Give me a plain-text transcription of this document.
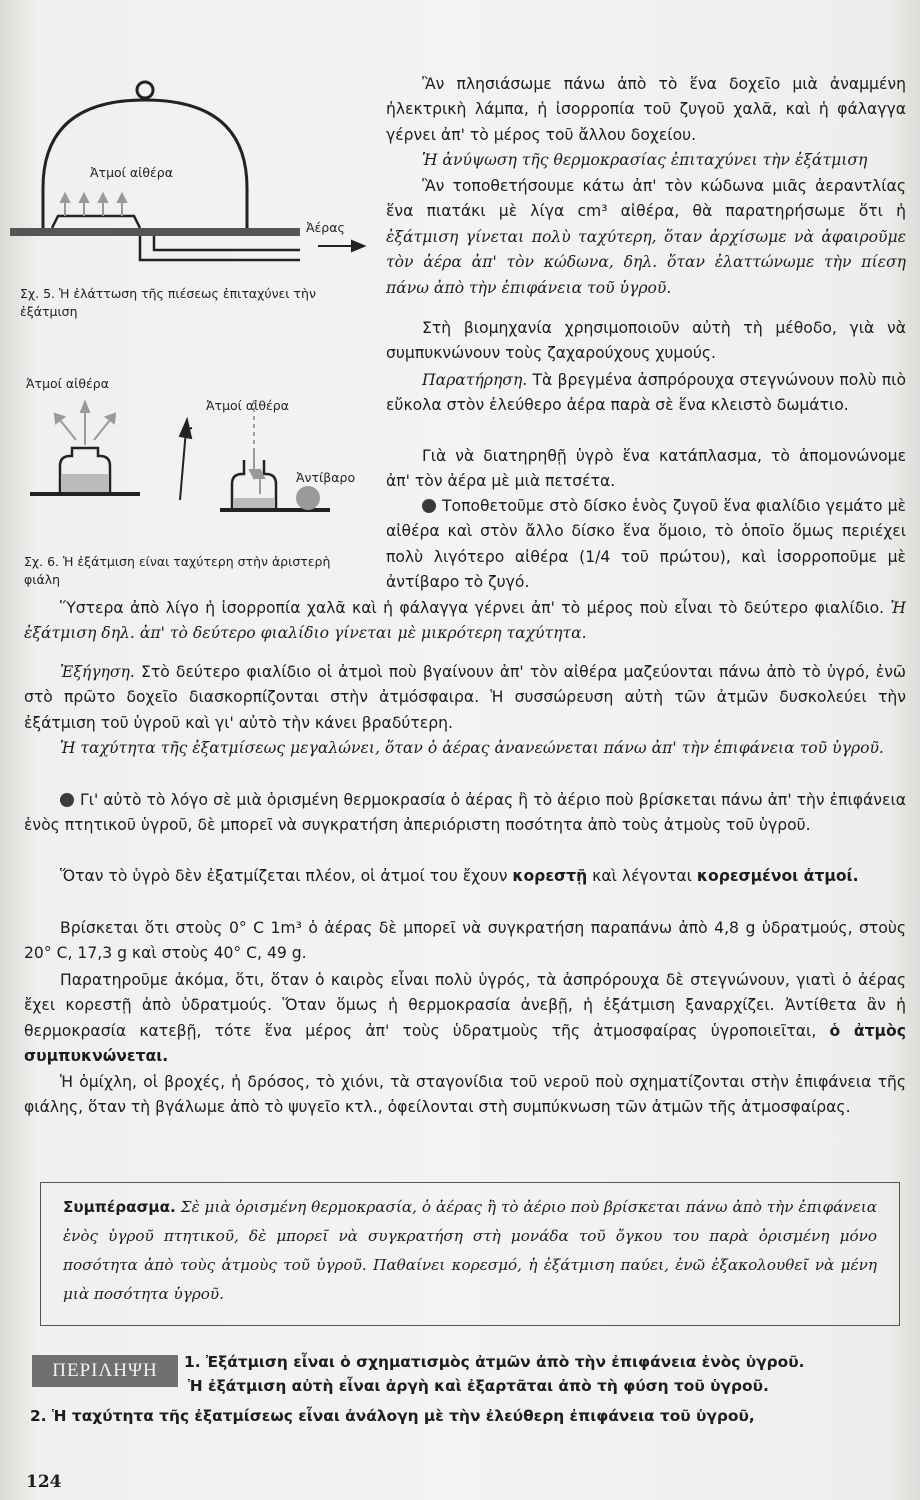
Ἀτμοί αἰθέρα
Ἀέρας
Σχ. 5. Ἡ ἐλάττωση τῆς πιέσεως ἐπιταχύνει τὴν ἐξάτμιση
Ἀτμοί αἰθέρα
Ἀτμοί αἰθέρα
Ἀντίβαρο
Σχ. 6. Ἡ ἐξάτμιση είναι ταχύτερη στὴν ἀριστερὴ φιάλη

Ἂν πλησιάσωμε πάνω ἀπὸ τὸ ἕνα δοχεῖο μιὰ ἀναμμένη ἠλεκτρικὴ λάμπα, ἡ ἰσορροπία τοῦ ζυγοῦ χαλᾶ, καὶ ἡ φάλαγγα γέρνει ἀπ' τὸ μέρος τοῦ ἄλλου δοχείου.

Ἡ ἀνύψωση τῆς θερμοκρασίας ἐπιταχύνει τὴν ἐξάτμιση

Ἂν τοποθετήσουμε κάτω ἀπ' τὸν κώδωνα μιᾶς ἀεραντλίας ἕνα πιατάκι μὲ λίγα cm³ αἰθέρα, θὰ παρατηρήσωμε ὅτι ἡ ἐξάτμιση γίνεται πολὺ ταχύτερη, ὅταν ἀρχίσωμε νὰ ἀφαιροῦμε τὸν ἀέρα ἀπ' τὸν κώδωνα, δηλ. ὅταν ἐλαττώνωμε τὴν πίεση πάνω ἀπὸ τὴν ἐπιφάνεια τοῦ ὑγροῦ.

Στὴ βιομηχανία χρησιμοποιοῦν αὐτὴ τὴ μέθοδο, γιὰ νὰ συμπυκνώνουν τοὺς ζαχαρούχους χυμούς.

Παρατήρηση. Τὰ βρεγμένα ἀσπρόρουχα στεγνώνουν πολὺ πιὸ εὔκολα στὸν ἐλεύθερο ἀέρα παρὰ σὲ ἕνα κλειστὸ δωμάτιο.

Γιὰ νὰ διατηρηθῇ ὑγρὸ ἕνα κατάπλασμα, τὸ ἀπομονώνομε ἀπ' τὸν ἀέρα μὲ μιὰ πετσέτα.

Τοποθετοῦμε στὸ δίσκο ἑνὸς ζυγοῦ ἕνα φιαλίδιο γεμάτο μὲ αἰθέρα καὶ στὸν ἄλλο δίσκο ἕνα ὅμοιο, τὸ ὁποῖο ὅμως περιέχει πολὺ λιγότερο αἰθέρα (1/4 τοῦ πρώτου), καὶ ἰσορροποῦμε μὲ ἀντίβαρο τὸ ζυγό.

Ὕστερα ἀπὸ λίγο ἡ ἰσορροπία χαλᾶ καὶ ἡ φάλαγγα γέρνει ἀπ' τὸ μέρος ποὺ εἶναι τὸ δεύτερο φιαλίδιο. Ἡ ἐξάτμιση δηλ. ἀπ' τὸ δεύτερο φιαλίδιο γίνεται μὲ μικρότερη ταχύτητα.

Ἐξήγηση. Στὸ δεύτερο φιαλίδιο οἱ ἀτμοὶ ποὺ βγαίνουν ἀπ' τὸν αἰθέρα μαζεύονται πάνω ἀπὸ τὸ ὑγρό, ἐνῶ στὸ πρῶτο δοχεῖο διασκορπίζονται στὴν ἀτμόσφαιρα. Ἡ συσσώρευση αὐτὴ τῶν ἀτμῶν δυσκολεύει τὴν ἐξάτμιση τοῦ ὑγροῦ καὶ γι' αὐτὸ τὴν κάνει βραδύτερη.

Ἡ ταχύτητα τῆς ἐξατμίσεως μεγαλώνει, ὅταν ὁ ἀέρας ἀνανεώνεται πάνω ἀπ' τὴν ἐπιφάνεια τοῦ ὑγροῦ.

Γι' αὐτὸ τὸ λόγο σὲ μιὰ ὁρισμένη θερμοκρασία ὁ ἀέρας ἢ τὸ ἀέριο ποὺ βρίσκεται πάνω ἀπ' τὴν ἐπιφάνεια ἑνὸς πτητικοῦ ὑγροῦ, δὲ μπορεῖ νὰ συγκρατήση ἀπεριόριστη ποσότητα ἀπὸ τοὺς ἀτμοὺς τοῦ ὑγροῦ.

Ὅταν τὸ ὑγρὸ δὲν ἐξατμίζεται πλέον, οἱ ἀτμοί του ἔχουν κορεστῇ καὶ λέγονται κορεσμένοι ἀτμοί.

Βρίσκεται ὅτι στοὺς 0° C 1m³ ὁ ἀέρας δὲ μπορεῖ νὰ συγκρατήση παραπάνω ἀπὸ 4,8 g ὑδρατμούς, στοὺς 20° C, 17,3 g καὶ στοὺς 40° C, 49 g.

Παρατηροῦμε ἀκόμα, ὅτι, ὅταν ὁ καιρὸς εἶναι πολὺ ὑγρός, τὰ ἀσπρόρουχα δὲ στεγνώνουν, γιατὶ ὁ ἀέρας ἔχει κορεστῇ ἀπὸ ὑδρατμούς. Ὅταν ὅμως ἡ θερμοκρασία ἀνεβῇ, ἡ ἐξάτμιση ξαναρχίζει. Ἀντίθετα ἂν ἡ θερμοκρασία κατεβῇ, τότε ἕνα μέρος ἀπ' τοὺς ὑδρατμοὺς τῆς ἀτμοσφαίρας ὑγροποιεῖται, ὁ ἀτμὸς συμπυκνώνεται.

Ἡ ὁμίχλη, οἱ βροχές, ἡ δρόσος, τὸ χιόνι, τὰ σταγονίδια τοῦ νεροῦ ποὺ σχηματίζονται στὴν ἐπιφάνεια τῆς φιάλης, ὅταν τὴ βγάλωμε ἀπὸ τὸ ψυγεῖο κτλ., ὀφείλονται στὴ συμπύκνωση τῶν ἀτμῶν τῆς ἀτμοσφαίρας.

Συμπέρασμα. Σὲ μιὰ ὁρισμένη θερμοκρασία, ὁ ἀέρας ἢ τὸ ἀέριο ποὺ βρίσκεται πάνω ἀπὸ τὴν ἐπιφάνεια ἑνὸς ὑγροῦ πτητικοῦ, δὲ μπορεῖ νὰ συγκρατήση στὴ μονάδα τοῦ ὄγκου του παρὰ ὁρισμένη μόνο ποσότητα ἀπὸ τοὺς ἀτμοὺς τοῦ ὑγροῦ. Παθαίνει κορεσμό, ἡ ἐξάτμιση παύει, ἐνῶ ἐξακολουθεῖ νὰ μένη μιὰ ποσότητα ὑγροῦ.
ΠΕΡΙΛΗΨΗ	1. Ἐξάτμιση εἶναι ὁ σχηματισμὸς ἀτμῶν ἀπὸ τὴν ἐπιφάνεια ἑνὸς ὑγροῦ.
Ἡ ἐξάτμιση αὐτὴ εἶναι ἀργὴ καὶ ἐξαρτᾶται ἀπὸ τὴ φύση τοῦ ὑγροῦ.
2. Ἡ ταχύτητα τῆς ἐξατμίσεως εἶναι ἀνάλογη μὲ τὴν ἐλεύθερη ἐπιφάνεια τοῦ ὑγροῦ,
124
